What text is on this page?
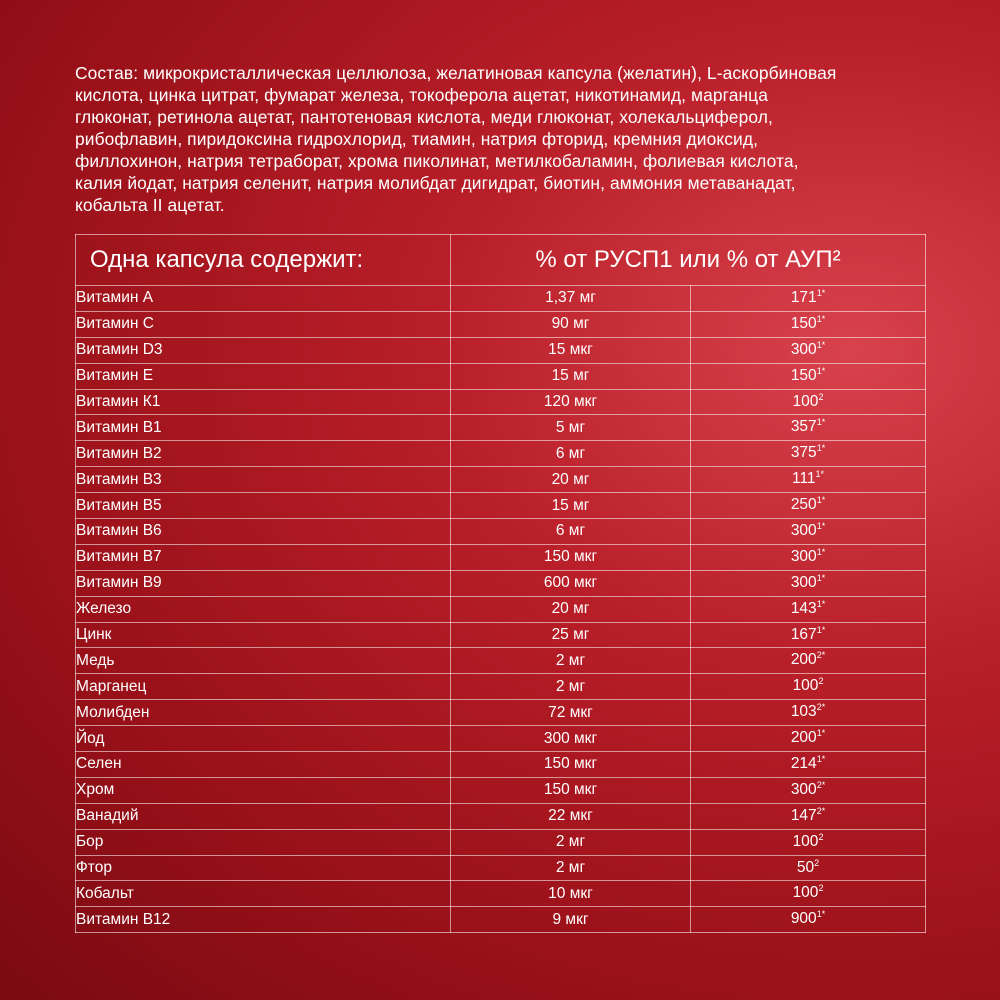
Состав: микрокристаллическая целлюлоза, желатиновая капсула (желатин), L-аскорбиновая
кислота, цинка цитрат, фумарат железа, токоферола ацетат, никотинамид, марганца
глюконат, ретинола ацетат, пантотеновая кислота, меди глюконат, холекальциферол,
рибофлавин, пиридоксина гидрохлорид, тиамин, натрия фторид, кремния диоксид,
филлохинон, натрия тетраборат, хрома пиколинат, метилкобаламин, фолиевая кислота,
калия йодат, натрия селенит, натрия молибдат дигидрат, биотин, аммония метаванадат,
кобальта II ацетат.
Одна капсула содержит:	% от РУСП1 или % от АУП²	
Витамин А	1,37 мг	$171^{1*}$
Витамин С	90 мг	$150^{1*}$
Витамин D3	15 мкг	$300^{1*}$
Витамин Е	15 мг	$150^{1*}$
Витамин К1	120 мкг	$100^2$
Витамин В1	5 мг	$357^{1*}$
Витамин В2	6 мг	$375^{1*}$
Витамин В3	20 мг	$111^{1*}$
Витамин В5	15 мг	$250^{1*}$
Витамин В6	6 мг	$300^{1*}$
Витамин В7	150 мкг	$300^{1*}$
Витамин В9	600 мкг	$300^{1*}$
Железо	20 мг	$143^{1*}$
Цинк	25 мг	$167^{1*}$
Медь	2 мг	$200^{2*}$
Марганец	2 мг	$100^2$
Молибден	72 мкг	$103^{2*}$
Йод	300 мкг	$200^{1*}$
Селен	150 мкг	$214^{1*}$
Хром	150 мкг	$300^{2*}$
Ванадий	22 мкг	$147^{2*}$
Бор	2 мг	$100^2$
Фтор	2 мг	$50^2$
Кобальт	10 мкг	$100^2$
Витамин В12	9 мкг	$900^{1*}$
